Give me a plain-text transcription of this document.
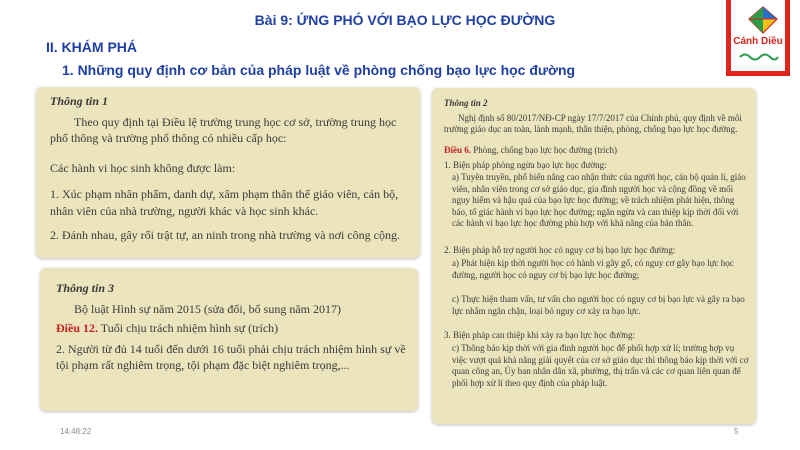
Bài 9: ỨNG PHÓ VỚI BẠO LỰC HỌC ĐƯỜNG
II. KHÁM PHÁ
1. Những quy định cơ bản của pháp luật về phòng chống bạo lực học đường
Cánh Diều
Thông tin 1
Theo quy định tại Điều lệ trường trung học cơ sở, trường trung học phổ thông và trường phổ thông có nhiều cấp học:
Các hành vi học sinh không được làm:
1. Xúc phạm nhân phẩm, danh dự, xâm phạm thân thể giáo viên, cán bộ, nhân viên của nhà trường, người khác và học sinh khác.
2. Đánh nhau, gây rối trật tự, an ninh trong nhà trường và nơi công cộng.
Thông tin 3
Bộ luật Hình sự năm 2015 (sửa đổi, bổ sung năm 2017)
Điều 12. Tuổi chịu trách nhiệm hình sự (trích)
2. Người từ đủ 14 tuổi đến dưới 16 tuổi phải chịu trách nhiệm hình sự về tội phạm rất nghiêm trọng, tội phạm đặc biệt nghiêm trọng,...
Thông tin 2
Nghị định số 80/2017/NĐ-CP ngày 17/7/2017 của Chính phủ, quy định về môi trường giáo dục an toàn, lành mạnh, thân thiện, phòng, chống bạo lực học đường.
Điều 6. Phòng, chống bạo lực học đường (trích)
1. Biện pháp phòng ngừa bạo lực học đường:
a) Tuyên truyền, phổ biến nâng cao nhận thức của người học, cán bộ quản lí, giáo viên, nhân viên trong cơ sở giáo dục, gia đình người học và cộng đồng về mối nguy hiểm và hậu quả của bạo lực học đường; về trách nhiệm phát hiện, thông báo, tố giác hành vi bạo lực học đường; ngăn ngừa và can thiệp kịp thời đối với các hành vi bạo lực học đường phù hợp với khả năng của bản thân.
2. Biện pháp hỗ trợ người học có nguy cơ bị bạo lực học đường:
a) Phát hiện kịp thời người học có hành vi gây gổ, có nguy cơ gây bạo lực học đường, người học có nguy cơ bị bạo lực học đường;
c) Thực hiện tham vấn, tư vấn cho người học có nguy cơ bị bạo lực và gây ra bạo lực nhằm ngăn chặn, loại bỏ nguy cơ xảy ra bạo lực.
3. Biện pháp can thiệp khi xảy ra bạo lực học đường:
c) Thông báo kịp thời với gia đình người học để phối hợp xử lí; trường hợp vụ việc vượt quá khả năng giải quyết của cơ sở giáo dục thì thông báo kịp thời với cơ quan công an, Ủy ban nhân dân xã, phường, thị trấn và các cơ quan liên quan để phối hợp xử lí theo quy định của pháp luật.
14:48:22	5
